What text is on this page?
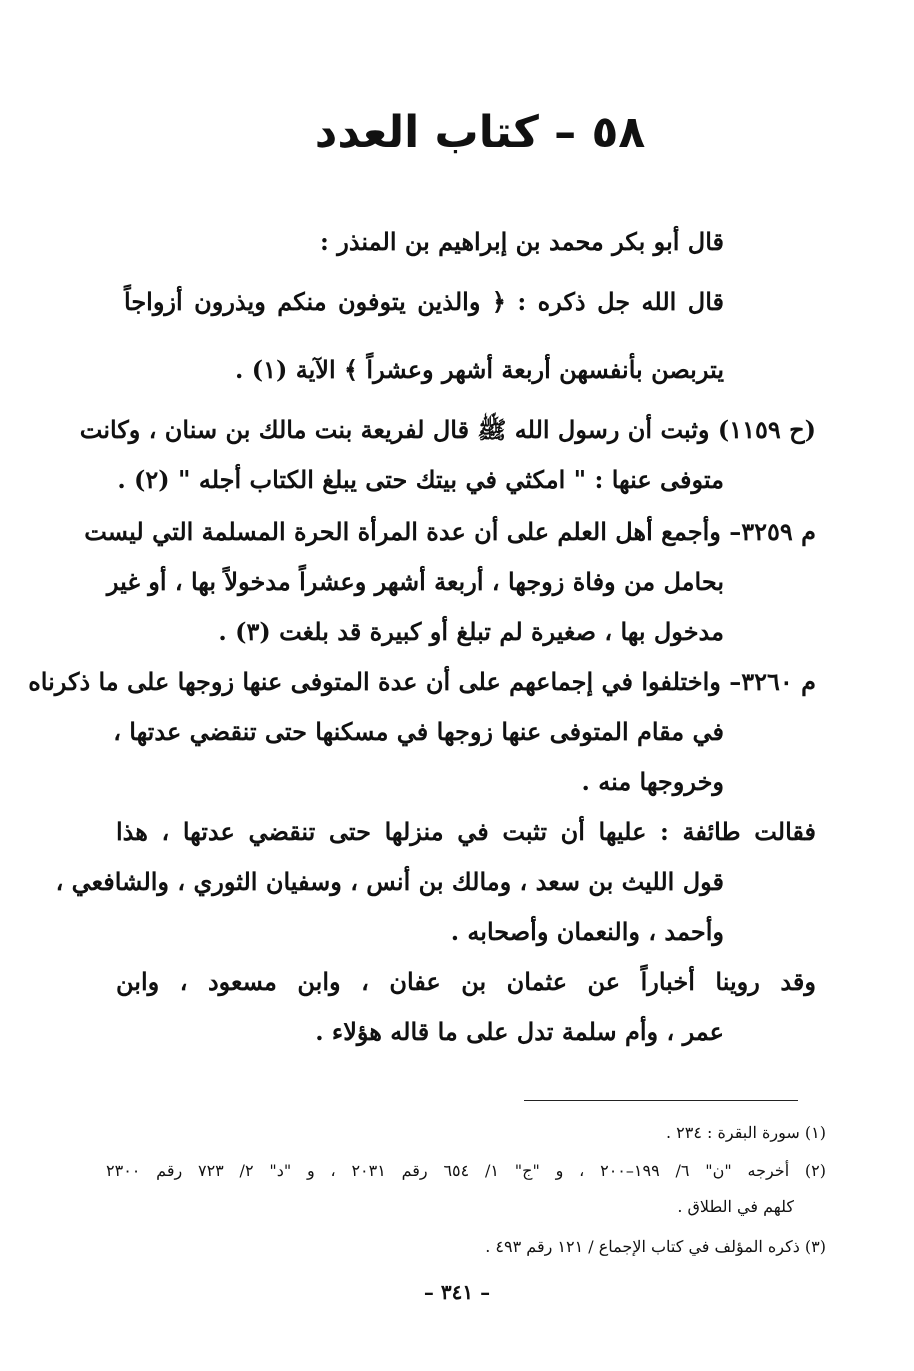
٥٨ – كتاب العدد
قال أبو بكر محمد بن إبراهيم بن المنذر :
قال الله جل ذكره : ﴿ والذين يتوفون منكم ويذرون أزواجاً
يتربصن بأنفسهن أربعة أشهر وعشراً ﴾ الآية (١) .
(ح ١١٥٩) وثبت أن رسول الله ﷺ قال لفريعة بنت مالك بن سنان ، وكانت
متوفى عنها : " امكثي في بيتك حتى يبلغ الكتاب أجله " (٢) .
م ٣٢٥٩– وأجمع أهل العلم على أن عدة المرأة الحرة المسلمة التي ليست
بحامل من وفاة زوجها ، أربعة أشهر وعشراً مدخولاً بها ، أو غير
مدخول بها ، صغيرة لم تبلغ أو كبيرة قد بلغت (٣) .
م ٣٢٦٠– واختلفوا في إجماعهم على أن عدة المتوفى عنها زوجها على ما ذكرناه
في مقام المتوفى عنها زوجها في مسكنها حتى تنقضي عدتها ،
وخروجها منه .
فقالت طائفة : عليها أن تثبت في منزلها حتى تنقضي عدتها ، هذا
قول الليث بن سعد ، ومالك بن أنس ، وسفيان الثوري ، والشافعي ،
وأحمد ، والنعمان وأصحابه .
وقد روينا أخباراً عن عثمان بن عفان ، وابن مسعود ، وابن
عمر ، وأم سلمة تدل على ما قاله هؤلاء .
(١) سورة البقرة : ٢٣٤ .
(٢) أخرجه "ن" ٦/ ١٩٩–٢٠٠ ، و "ج" ١/ ٦٥٤ رقم ٢٠٣١ ، و "د" ٢/ ٧٢٣ رقم ٢٣٠٠
كلهم في الطلاق .
(٣) ذكره المؤلف في كتاب الإجماع / ١٢١ رقم ٤٩٣ .
– ٣٤١ –
